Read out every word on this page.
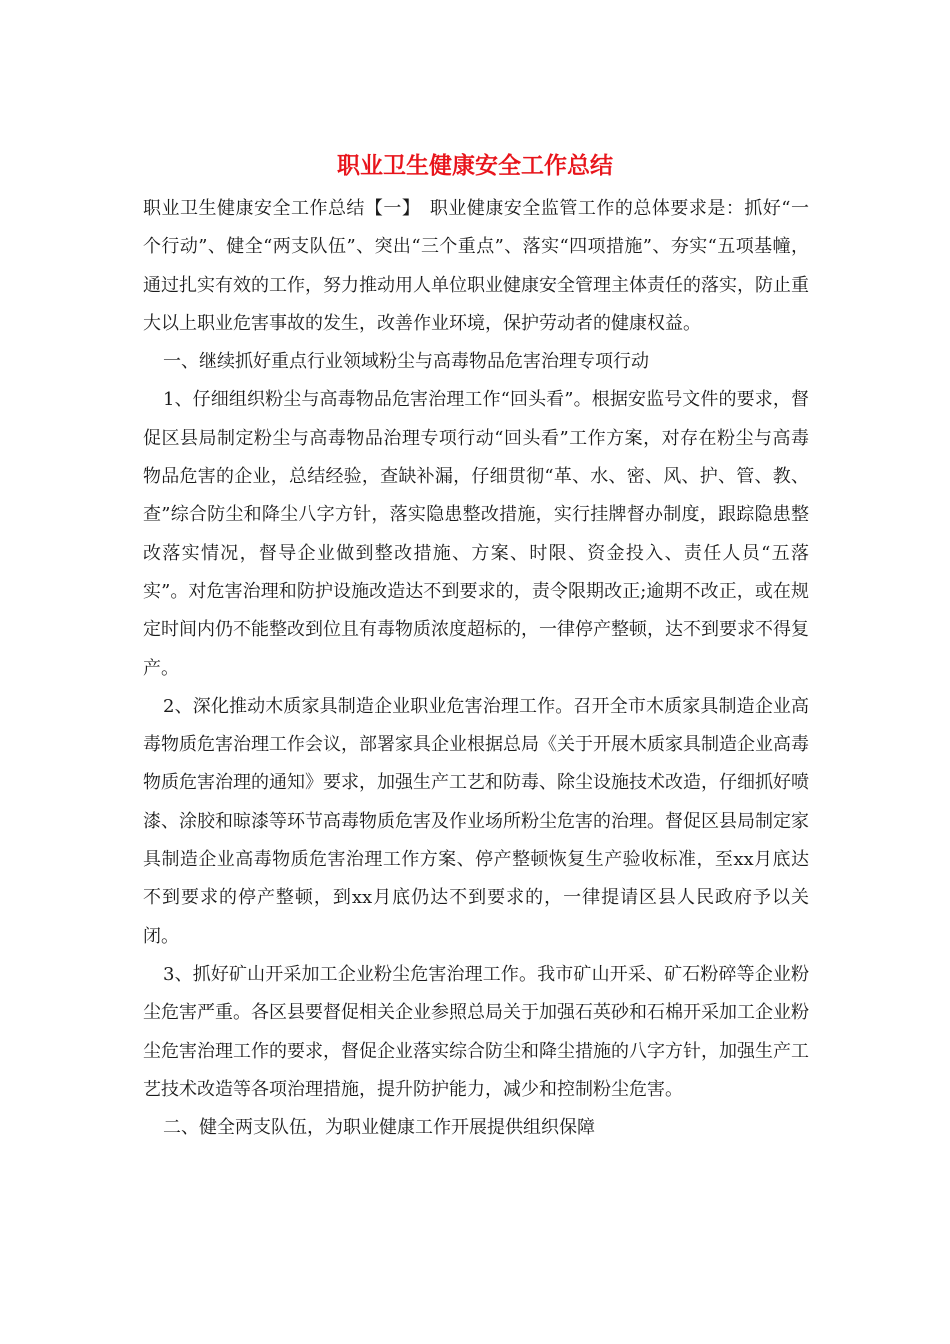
职业卫生健康安全工作总结

职业卫生健康安全工作总结【一】　职业健康安全监管工作的总体要求是：抓好“一个行动”、健全“两支队伍”、突出“三个重点”、落实“四项措施”、夯实“五项基幢，通过扎实有效的工作，努力推动用人单位职业健康安全管理主体责任的落实，防止重大以上职业危害事故的发生，改善作业环境，保护劳动者的健康权益。

一、继续抓好重点行业领域粉尘与高毒物品危害治理专项行动

1、仔细组织粉尘与高毒物品危害治理工作“回头看”。根据安监号文件的要求，督促区县局制定粉尘与高毒物品治理专项行动“回头看”工作方案，对存在粉尘与高毒物品危害的企业，总结经验，查缺补漏，仔细贯彻“革、水、密、风、护、管、教、查”综合防尘和降尘八字方针，落实隐患整改措施，实行挂牌督办制度，跟踪隐患整改落实情况，督导企业做到整改措施、方案、时限、资金投入、责任人员“五落实”。对危害治理和防护设施改造达不到要求的，责令限期改正;逾期不改正，或在规定时间内仍不能整改到位且有毒物质浓度超标的，一律停产整顿，达不到要求不得复产。

2、深化推动木质家具制造企业职业危害治理工作。召开全市木质家具制造企业高毒物质危害治理工作会议，部署家具企业根据总局《关于开展木质家具制造企业高毒物质危害治理的通知》要求，加强生产工艺和防毒、除尘设施技术改造，仔细抓好喷漆、涂胶和晾漆等环节高毒物质危害及作业场所粉尘危害的治理。督促区县局制定家具制造企业高毒物质危害治理工作方案、停产整顿恢复生产验收标准，至xx月底达不到要求的停产整顿，到xx月底仍达不到要求的，一律提请区县人民政府予以关闭。

3、抓好矿山开采加工企业粉尘危害治理工作。我市矿山开采、矿石粉碎等企业粉尘危害严重。各区县要督促相关企业参照总局关于加强石英砂和石棉开采加工企业粉尘危害治理工作的要求，督促企业落实综合防尘和降尘措施的八字方针，加强生产工艺技术改造等各项治理措施，提升防护能力，减少和控制粉尘危害。

二、健全两支队伍，为职业健康工作开展提供组织保障
